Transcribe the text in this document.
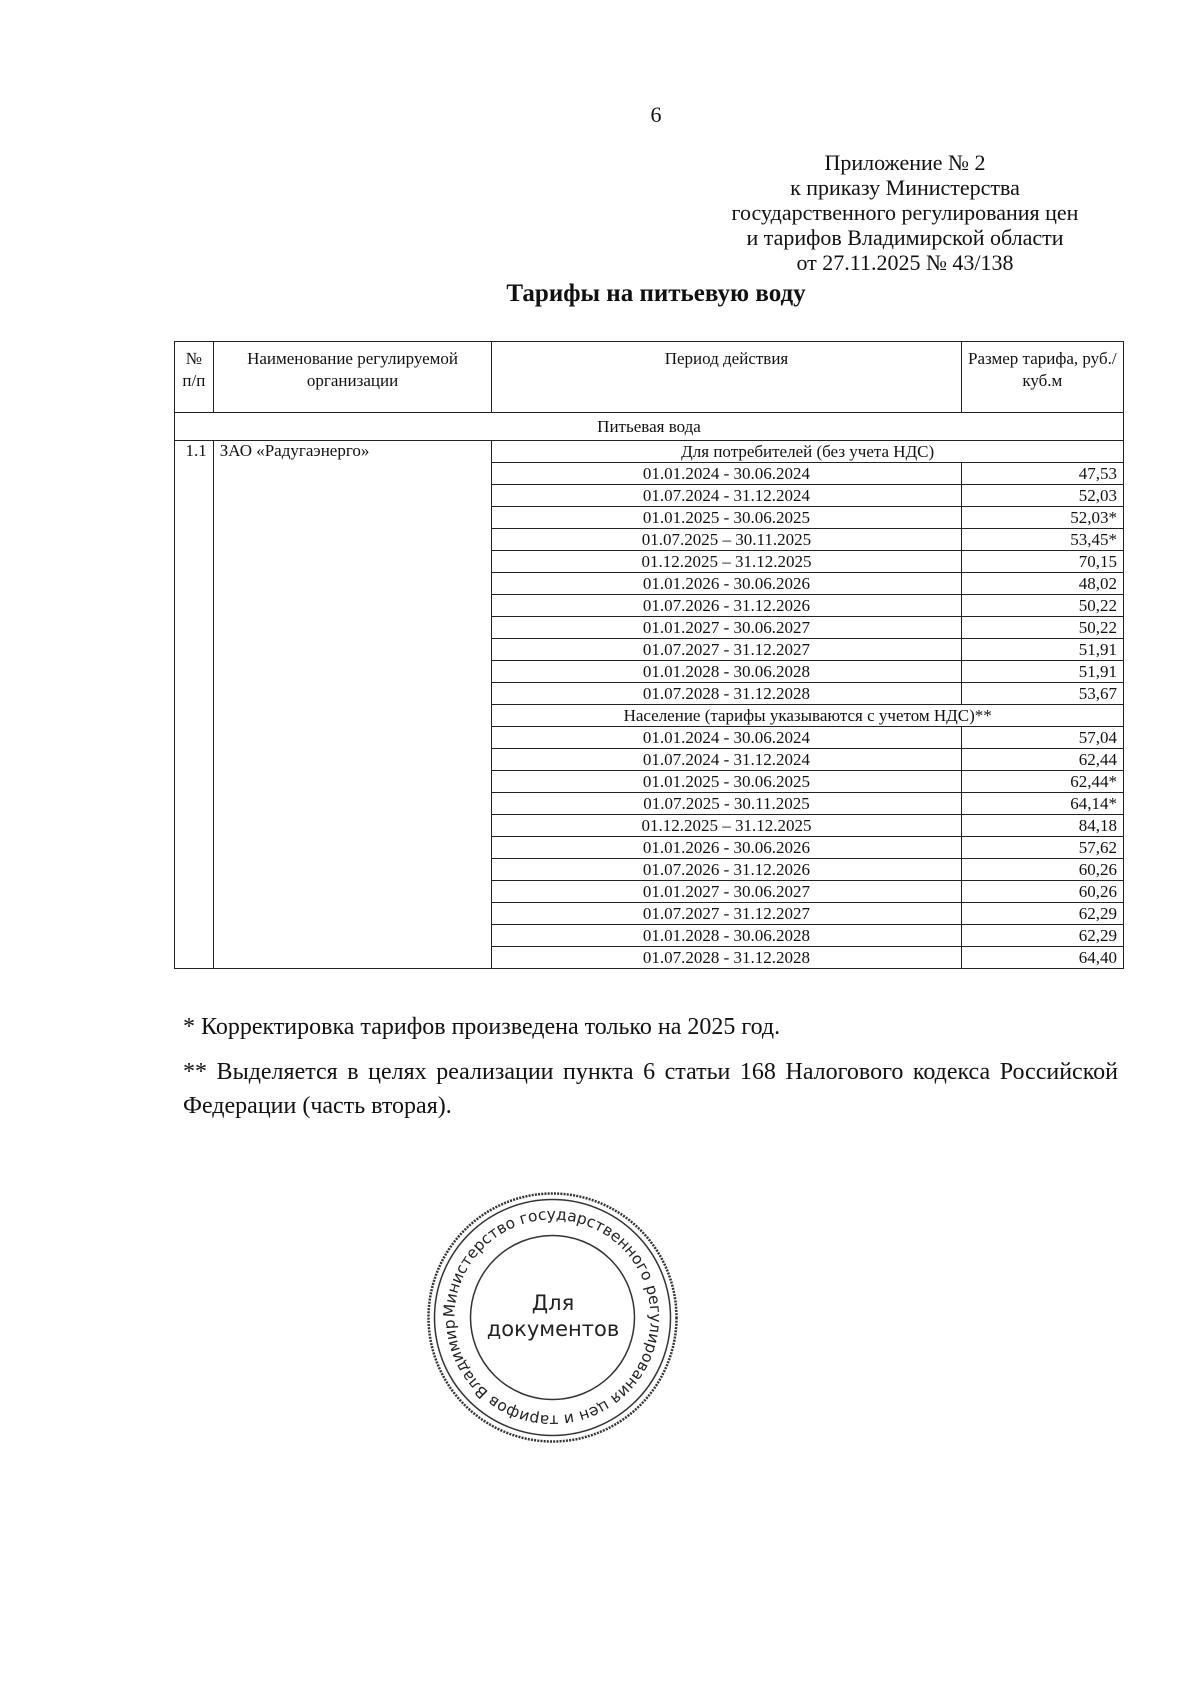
6
Приложение № 2
к приказу Министерства
государственного регулирования цен
и тарифов Владимирской области
от 27.11.2025 № 43/138
Тарифы на питьевую воду
№ п/п	Наименование регулируемой организации	Период действия	Размер тарифа, руб./куб.м
Питьевая вода			
1.1	ЗАО «Радугаэнерго»	Для потребителей (без учета НДС)	
		01.01.2024 - 30.06.2024	47,53
		01.07.2024 - 31.12.2024	52,03
		01.01.2025 - 30.06.2025	52,03*
		01.07.2025 – 30.11.2025	53,45*
		01.12.2025 – 31.12.2025	70,15
		01.01.2026 - 30.06.2026	48,02
		01.07.2026 - 31.12.2026	50,22
		01.01.2027 - 30.06.2027	50,22
		01.07.2027 - 31.12.2027	51,91
		01.01.2028 - 30.06.2028	51,91
		01.07.2028 - 31.12.2028	53,67
		Население (тарифы указываются с учетом НДС)**	
		01.01.2024 - 30.06.2024	57,04
		01.07.2024 - 31.12.2024	62,44
		01.01.2025 - 30.06.2025	62,44*
		01.07.2025 - 30.11.2025	64,14*
		01.12.2025 – 31.12.2025	84,18
		01.01.2026 - 30.06.2026	57,62
		01.07.2026 - 31.12.2026	60,26
		01.01.2027 - 30.06.2027	60,26
		01.07.2027 - 31.12.2027	62,29
		01.01.2028 - 30.06.2028	62,29
		01.07.2028 - 31.12.2028	64,40
* Корректировка тарифов произведена только на 2025 год.
** Выделяется в целях реализации пункта 6 статьи 168 Налогового кодекса Российской Федерации (часть вторая).
Министерство государственного регулирования цен и тарифов Владимир
Для
документов
